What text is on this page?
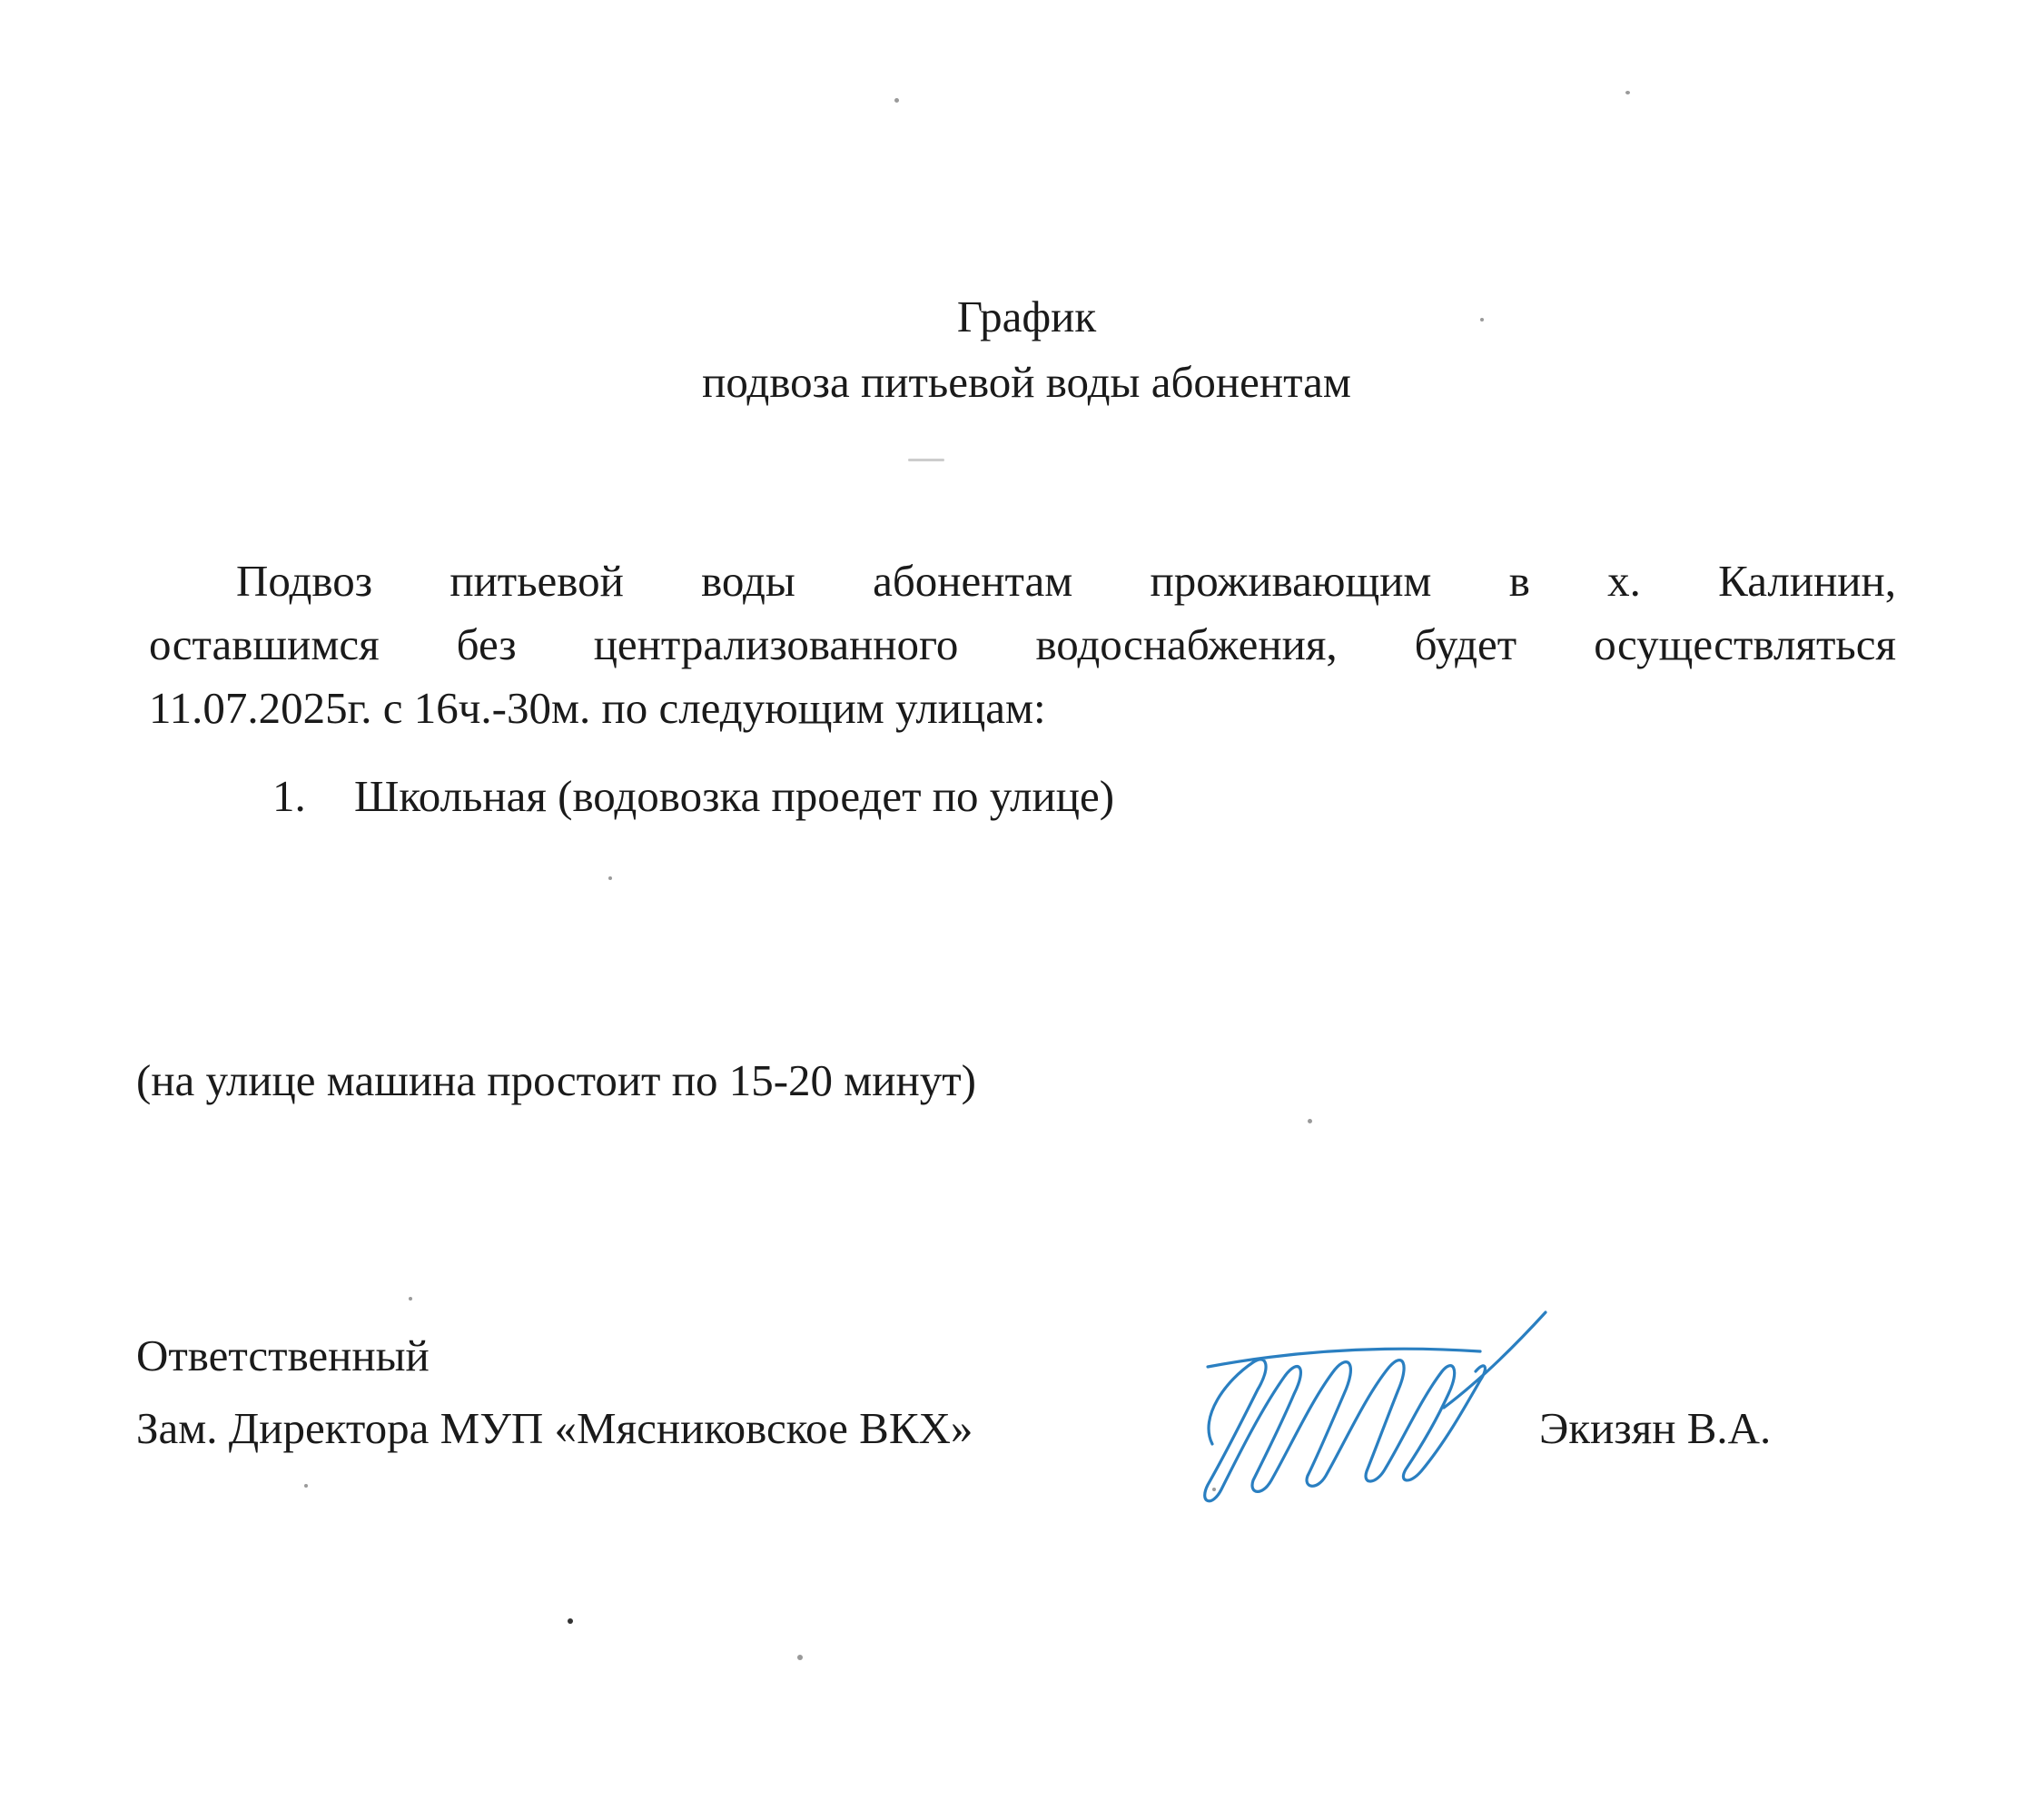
График
подвоза питьевой воды абонентам
Подвоз питьевой воды абонентам проживающим в х. Калинин,
оставшимся без централизованного водоснабжения, будет осуществляться
11.07.2025г. с 16ч.-30м. по следующим улицам:
1. Школьная (водовозка проедет по улице)
(на улице машина простоит по 15-20 минут)
Ответственный
Зам. Директора МУП «Мясниковское ВКХ»	Экизян В.А.
